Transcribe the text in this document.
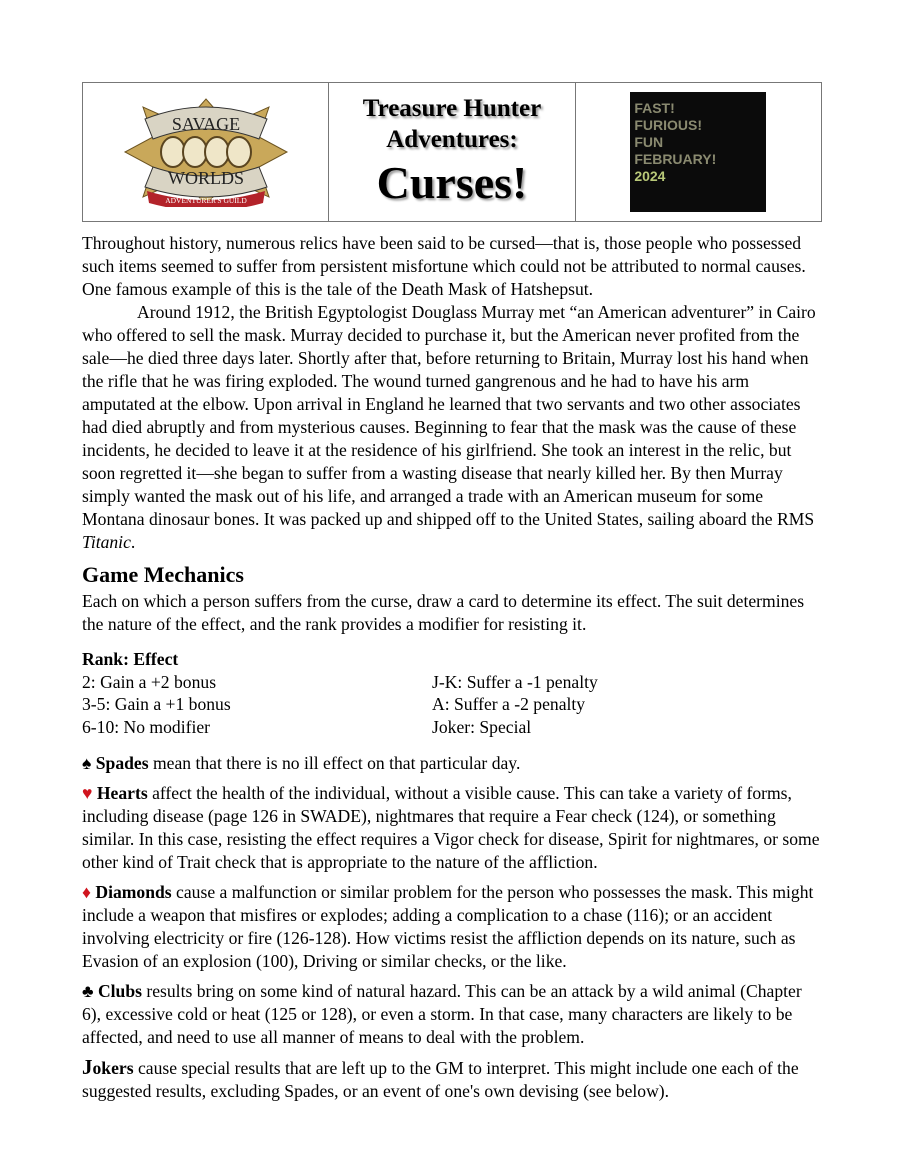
SAVAGE
WORLDS
ADVENTURER'S GUILD
Treasure Hunter
Adventures:
Curses!
FAST!
FURIOUS!
FUN
FEBRUARY!
2024

Throughout history, numerous relics have been said to be cursed—that is, those people who possessed such items seemed to suffer from persistent misfortune which could not be attributed to normal causes. One famous example of this is the tale of the Death Mask of Hatshepsut.

Around 1912, the British Egyptologist Douglass Murray met “an American adventurer” in Cairo who offered to sell the mask. Murray decided to purchase it, but the American never profited from the sale—he died three days later. Shortly after that, before returning to Britain, Murray lost his hand when the rifle that he was firing exploded. The wound turned gangrenous and he had to have his arm amputated at the elbow. Upon arrival in England he learned that two servants and two other associates had died abruptly and from mysterious causes. Beginning to fear that the mask was the cause of these incidents, he decided to leave it at the residence of his girlfriend. She took an interest in the relic, but soon regretted it—she began to suffer from a wasting disease that nearly killed her. By then Murray simply wanted the mask out of his life, and arranged a trade with an American museum for some Montana dinosaur bones. It was packed up and shipped off to the United States, sailing aboard the RMS Titanic.

Game Mechanics

Each on which a person suffers from the curse, draw a card to determine its effect. The suit determines the nature of the effect, and the rank provides a modifier for resisting it.

Rank: Effect
2: Gain a +2 bonus
3-5: Gain a +1 bonus
6-10: No modifier
J-K: Suffer a -1 penalty
A: Suffer a -2 penalty
Joker: Special

♠ Spades mean that there is no ill effect on that particular day.

♥ Hearts affect the health of the individual, without a visible cause. This can take a variety of forms, including disease (page 126 in SWADE), nightmares that require a Fear check (124), or something similar. In this case, resisting the effect requires a Vigor check for disease, Spirit for nightmares, or some other kind of Trait check that is appropriate to the nature of the affliction.

♦ Diamonds cause a malfunction or similar problem for the person who possesses the mask. This might include a weapon that misfires or explodes; adding a complication to a chase (116); or an accident involving electricity or fire (126-128). How victims resist the affliction depends on its nature, such as Evasion of an explosion (100), Driving or similar checks, or the like.

♣ Clubs results bring on some kind of natural hazard. This can be an attack by a wild animal (Chapter 6), excessive cold or heat (125 or 128), or even a storm. In that case, many characters are likely to be affected, and need to use all manner of means to deal with the problem.

Jokers cause special results that are left up to the GM to interpret. This might include one each of the suggested results, excluding Spades, or an event of one's own devising (see below).
